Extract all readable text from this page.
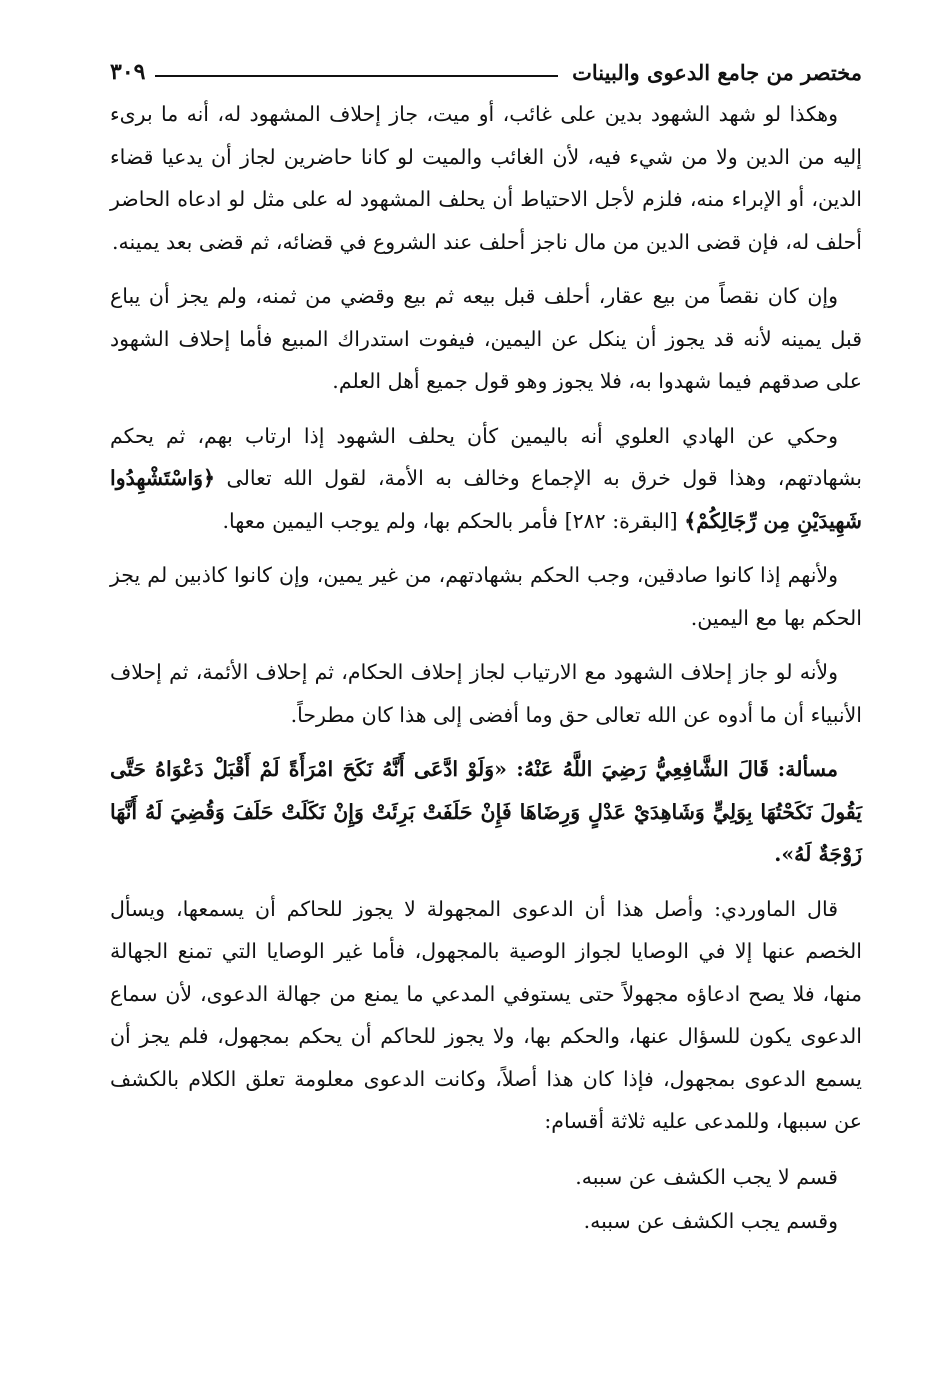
مختصر من جامع الدعوى والبينات
٣٠٩

وهكذا لو شهد الشهود بدين على غائب، أو ميت، جاز إحلاف المشهود له، أنه ما برىء إليه من الدين ولا من شيء فيه، لأن الغائب والميت لو كانا حاضرين لجاز أن يدعيا قضاء الدين، أو الإبراء منه، فلزم لأجل الاحتياط أن يحلف المشهود له على مثل لو ادعاه الحاضر أحلف له، فإن قضى الدين من مال ناجز أحلف عند الشروع في قضائه، ثم قضى بعد يمينه.

وإن كان نقصاً من بيع عقار، أحلف قبل بيعه ثم بيع وقضي من ثمنه، ولم يجز أن يباع قبل يمينه لأنه قد يجوز أن ينكل عن اليمين، فيفوت استدراك المبيع فأما إحلاف الشهود على صدقهم فيما شهدوا به، فلا يجوز وهو قول جميع أهل العلم.

وحكي عن الهادي العلوي أنه باليمين كأن يحلف الشهود إذا ارتاب بهم، ثم يحكم بشهادتهم، وهذا قول خرق به الإجماع وخالف به الأمة، لقول الله تعالى ﴿وَاسْتَشْهِدُوا شَهِيدَيْنِ مِن رِّجَالِكُمْ﴾ [البقرة: ٢٨٢] فأمر بالحكم بها، ولم يوجب اليمين معها.

ولأنهم إذا كانوا صادقين، وجب الحكم بشهادتهم، من غير يمين، وإن كانوا كاذبين لم يجز الحكم بها مع اليمين.

ولأنه لو جاز إحلاف الشهود مع الارتياب لجاز إحلاف الحكام، ثم إحلاف الأئمة، ثم إحلاف الأنبياء أن ما أدوه عن الله تعالى حق وما أفضى إلى هذا كان مطرحاً.

مسألة: قَالَ الشَّافِعِيُّ رَضِيَ اللَّهُ عَنْهُ: «وَلَوْ ادَّعَى أَنَّهُ نَكَحَ امْرَأَةً لَمْ أَقْبَلْ دَعْوَاهُ حَتَّى يَقُولَ نَكَحْتُهَا بِوَلِيٍّ وَشَاهِدَيْ عَدْلٍ وَرِضَاهَا فَإِنْ حَلَفَتْ بَرِئَتْ وَإِنْ نَكَلَتْ حَلَفَ وَقُضِيَ لَهُ أَنَّهَا زَوْجَةٌ لَهُ».

قال الماوردي: وأصل هذا أن الدعوى المجهولة لا يجوز للحاكم أن يسمعها، ويسأل الخصم عنها إلا في الوصايا لجواز الوصية بالمجهول، فأما غير الوصايا التي تمنع الجهالة منها، فلا يصح ادعاؤه مجهولاً حتى يستوفي المدعي ما يمنع من جهالة الدعوى، لأن سماع الدعوى يكون للسؤال عنها، والحكم بها، ولا يجوز للحاكم أن يحكم بمجهول، فلم يجز أن يسمع الدعوى بمجهول، فإذا كان هذا أصلاً، وكانت الدعوى معلومة تعلق الكلام بالكشف عن سببها، وللمدعى عليه ثلاثة أقسام:

قسم لا يجب الكشف عن سببه.

وقسم يجب الكشف عن سببه.
